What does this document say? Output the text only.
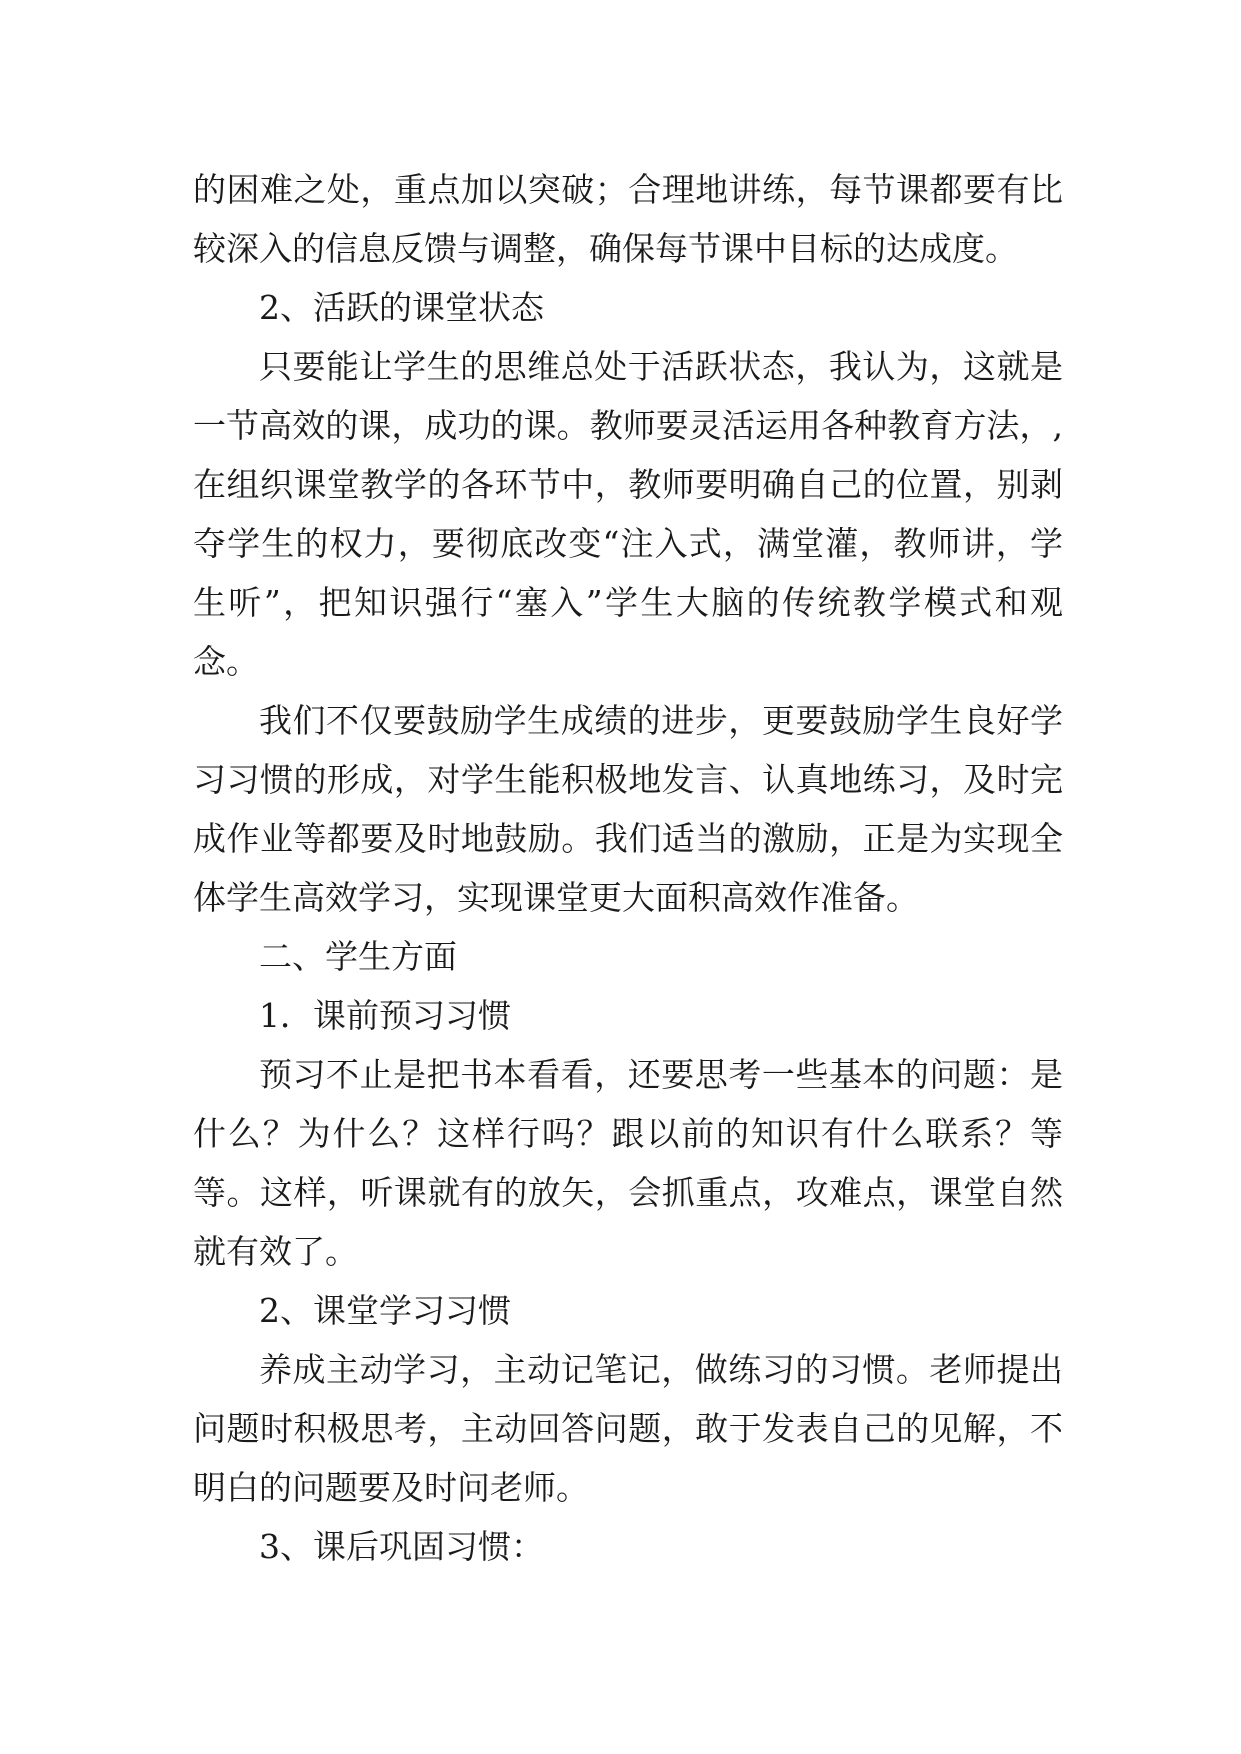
的困难之处，重点加以突破；合理地讲练，每节课都要有比
较深入的信息反馈与调整，确保每节课中目标的达成度。
2、活跃的课堂状态
只要能让学生的思维总处于活跃状态，我认为，这就是
一节高效的课，成功的课。教师要灵活运用各种教育方法，,
在组织课堂教学的各环节中，教师要明确自己的位置，别剥
夺学生的权力，要彻底改变“注入式，满堂灌，教师讲，学
生听”，把知识强行“塞入”学生大脑的传统教学模式和观
念。
我们不仅要鼓励学生成绩的进步，更要鼓励学生良好学
习习惯的形成，对学生能积极地发言、认真地练习，及时完
成作业等都要及时地鼓励。我们适当的激励，正是为实现全
体学生高效学习，实现课堂更大面积高效作准备。
二、学生方面
1．课前预习习惯
预习不止是把书本看看，还要思考一些基本的问题：是
什么？为什么？这样行吗？跟以前的知识有什么联系？等
等。这样，听课就有的放矢，会抓重点，攻难点，课堂自然
就有效了。
2、课堂学习习惯
养成主动学习，主动记笔记，做练习的习惯。老师提出
问题时积极思考，主动回答问题，敢于发表自己的见解，不
明白的问题要及时问老师。
3、课后巩固习惯：
